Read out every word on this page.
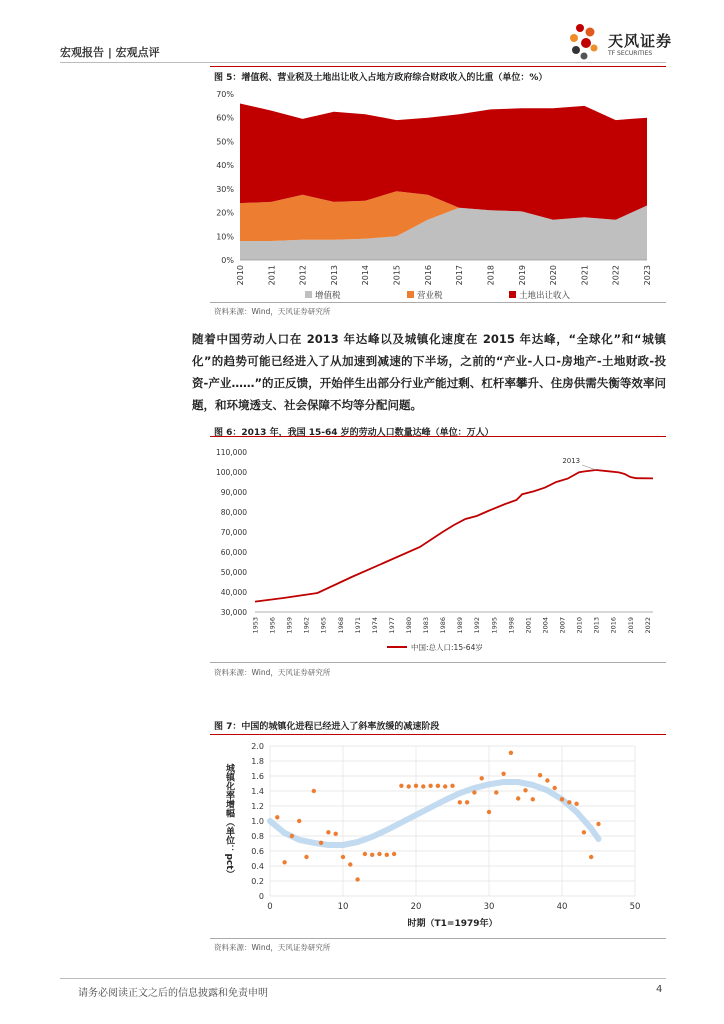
宏观报告 | 宏观点评
天风证券
TF SECURITIES
图 5：增值税、营业税及土地出让收入占地方政府综合财政收入的比重（单位：%）
0%
10%
20%
30%
40%
50%
60%
70%
2010	2011	2012	2013	2014	2015	2016	2017	2018	2019	2020	2021	2022	2023
增值税	营业税	土地出让收入
资料来源：Wind，天风证券研究所
随着中国劳动人口在 2013 年达峰以及城镇化速度在 2015 年达峰，“全球化”和“城镇化”的趋势可能已经进入了从加速到减速的下半场，之前的“产业-人口-房地产-土地财政-投资-产业……”的正反馈，开始伴生出部分行业产能过剩、杠杆率攀升、住房供需失衡等效率问题，和环境透支、社会保障不均等分配问题。
图 6：2013 年，我国 15-64 岁的劳动人口数量达峰（单位：万人）
30,000
40,000
50,000
60,000
70,000
80,000
90,000
100,000
110,000
1953 1956 1959 1962 1965 1968 1971 1974 1977 1980 1983 1986 1989 1992 1995 1998 2001 2004 2007 2010 2013 2016 2019 2022
2013
中国:总人口:15-64岁
资料来源：Wind，天风证券研究所
图 7：中国的城镇化进程已经进入了斜率放缓的减速阶段
0
0.2
0.4
0.6
0.8
1.0
1.2
1.4
1.6
1.8
2.0
0	10	20	30	40	50
时期（T1=1979年）
城镇化率增幅（单位：pct）
资料来源：Wind，天风证券研究所
请务必阅读正文之后的信息披露和免责申明	4
